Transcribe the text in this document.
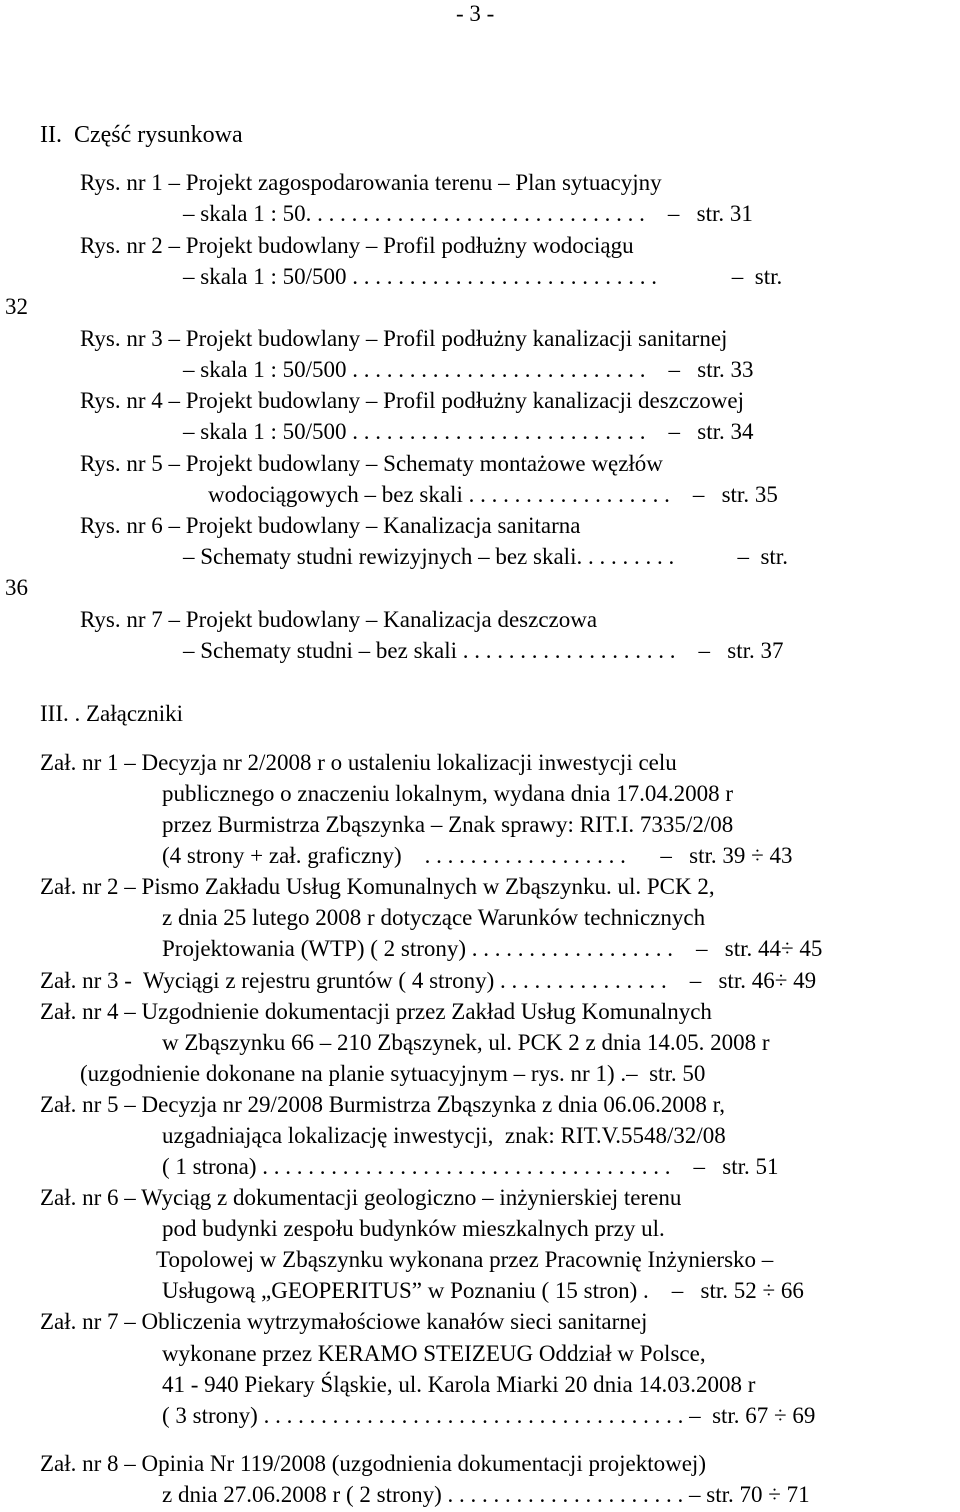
- 3 -
II.  Część rysunkowa
Rys. nr 1 – Projekt zagospodarowania terenu – Plan sytuacyjny
– skala 1 : 50. . . . . . . . . . . . . . . . . . . . . . . . . . . . . .    –   str. 31
Rys. nr 2 – Projekt budowlany – Profil podłużny wodociągu
– skala 1 : 50/500 . . . . . . . . . . . . . . . . . . . . . . . . . . .             –  str.
32
Rys. nr 3 – Projekt budowlany – Profil podłużny kanalizacji sanitarnej
– skala 1 : 50/500 . . . . . . . . . . . . . . . . . . . . . . . . . .    –   str. 33
Rys. nr 4 – Projekt budowlany – Profil podłużny kanalizacji deszczowej
– skala 1 : 50/500 . . . . . . . . . . . . . . . . . . . . . . . . . .    –   str. 34
Rys. nr 5 – Projekt budowlany – Schematy montażowe węzłów
wodociągowych – bez skali . . . . . . . . . . . . . . . . . .    –   str. 35
Rys. nr 6 – Projekt budowlany – Kanalizacja sanitarna
– Schematy studni rewizyjnych – bez skali. . . . . . . . .           –  str.
36
Rys. nr 7 – Projekt budowlany – Kanalizacja deszczowa
– Schematy studni – bez skali . . . . . . . . . . . . . . . . . . .    –   str. 37
III. . Załączniki
Zał. nr 1 – Decyzja nr 2/2008 r o ustaleniu lokalizacji inwestycji celu
publicznego o znaczeniu lokalnym, wydana dnia 17.04.2008 r
przez Burmistrza Zbąszynka – Znak sprawy: RIT.I. 7335/2/08
(4 strony + zał. graficzny)    . . . . . . . . . . . . . . . . . .      –   str. 39 ÷ 43
Zał. nr 2 – Pismo Zakładu Usług Komunalnych w Zbąszynku. ul. PCK 2,
z dnia 25 lutego 2008 r dotyczące Warunków technicznych
Projektowania (WTP) ( 2 strony) . . . . . . . . . . . . . . . . . .    –   str. 44÷ 45
Zał. nr 3 -  Wyciągi z rejestru gruntów ( 4 strony) . . . . . . . . . . . . . . .    –   str. 46÷ 49
Zał. nr 4 – Uzgodnienie dokumentacji przez Zakład Usług Komunalnych
w Zbąszynku 66 – 210 Zbąszynek, ul. PCK 2 z dnia 14.05. 2008 r
(uzgodnienie dokonane na planie sytuacyjnym – rys. nr 1) .–  str. 50
Zał. nr 5 – Decyzja nr 29/2008 Burmistrza Zbąszynka z dnia 06.06.2008 r,
uzgadniająca lokalizację inwestycji,  znak: RIT.V.5548/32/08
( 1 strona) . . . . . . . . . . . . . . . . . . . . . . . . . . . . . . . . . . . .    –   str. 51
Zał. nr 6 – Wyciąg z dokumentacji geologiczno – inżynierskiej terenu
pod budynki zespołu budynków mieszkalnych przy ul.
Topolowej w Zbąszynku wykonana przez Pracownię Inżyniersko –
Usługową „GEOPERITUS” w Poznaniu ( 15 stron) .    –   str. 52 ÷ 66
Zał. nr 7 – Obliczenia wytrzymałościowe kanałów sieci sanitarnej
wykonane przez KERAMO STEIZEUG Oddział w Polsce,
41 - 940 Piekary Śląskie, ul. Karola Miarki 20 dnia 14.03.2008 r
( 3 strony) . . . . . . . . . . . . . . . . . . . . . . . . . . . . . . . . . . . . . –  str. 67 ÷ 69
Zał. nr 8 – Opinia Nr 119/2008 (uzgodnienia dokumentacji projektowej)
z dnia 27.06.2008 r ( 2 strony) . . . . . . . . . . . . . . . . . . . . . – str. 70 ÷ 71
